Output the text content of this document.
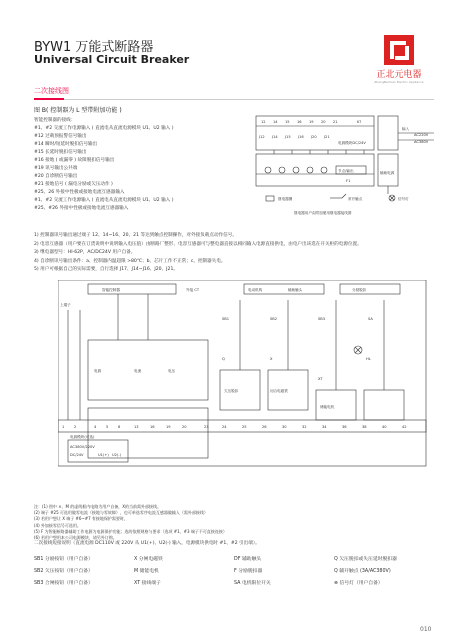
BYW1 万能式断路器
Universal Circuit Breaker
正北元电器
ZhengBeiYuan Electric Appliance
二次接线图
图 B( 控制器为 L 型带附加功能 )
智能控制器的接线：
#1、#2 交流工作电源输入 ( 直流电从直流电源模块 U1、U2 输入 )
#12 过载预报警信号输出
#14 瞬时/短延时脱扣信号输出
#15 长延时脱扣信号输出
#16 接地 ( 或漏零 ) 故障脱扣信号输出
#19 讯号输出公共端
#20 自诊断信号输出
#21 接地信号 ( 漏电分励或欠压动作 )
#25、26 外接中性极或接地电流互感器输入
#1、#2 交流工作电源输入 ( 直流电从直流电源模块 U1、U2 输入 )
#25、#26 外接中性极或接地电流互感器输入
12 14 15 16 19 20 21	K?
J12 J14 J15 J16 J20 J21
电源模块DC/24V
输入
AC220V
AC380V
节点/输出	辅助电源
F1
继电器圈	常开触点	信号灯
继电器用户由附加便用继电器接线图
1) 控制器讯号输出通过端子 12、14~16、20、21 等达到触点控制操作，对外接负载点动作信号。
2) 电容互感器（用户要在订货说明中说明输入电压值）由断路厂整形、电容互感器可与整电器直接以相同输入电源直接供电，由电户出该选在开关柜的电源位置。
3) 继电器型号：HI-62P，AC/DC24V 用户自备。
4) 自诊断讯号输出条件：a、控制器内温超限 >80℃；b、芯片工作不正常；c、控制器失电。
5) 用户可根据自己的实际需要，自行选择 J17、J14~J16、J20、J21。
智能控制器	外接 CT	电动机构	辅助触头	分励脱扣
欠压脱扣	闭合电磁铁
储能电机
上端子
电源	电流	电压
1	2	4	5	6	13	16	19	20	23	24	25	26	30	32	34	36	38	40	42
电源模块(可选)
AC380V/220V
DC/24V	U1(+) U2(-)
SB1	SB2	SB3	SA
Q	X
XT
HL
注：(1) 图中 ×、M 的虚线框内电路为用户自备，X的当前需外部接线。
(2) 端子 #25 可选用做零电流（接地与零故障），也可单选零序电流互感器做输入（需外部接线）
(3) 若用户想让 X 端子 #6~#7 有接地保护需要时，
(4) 外加接零信号可选用。
(5) F 为智能断路器辅助工作电源为电源保护功能；选的依照规格与要求（选项 #1、#3 端子不可直接连接）
(6) 若用户想用本公司电源模块，请另外订购。
二次接线短接说明（直流电源 DC110V 或 220V 从 U1(+)、U2(-) 输入，电源模块供电时 #1、#2 引出端）。
SB1 分励按钮（用户自备）	X 分闸电磁铁	DF 辅助触头	Q 欠压脱扣或失压延时脱扣器
SB2 欠压按钮（用户自备）	M 储能电机	F 分励脱扣器	Q 辅开触点 (3A/AC380V)
SB3 合闸按钮（用户自备）	XT 接线端子	SA 电机限位开关	⊗ 信号灯（用户自备）
010
